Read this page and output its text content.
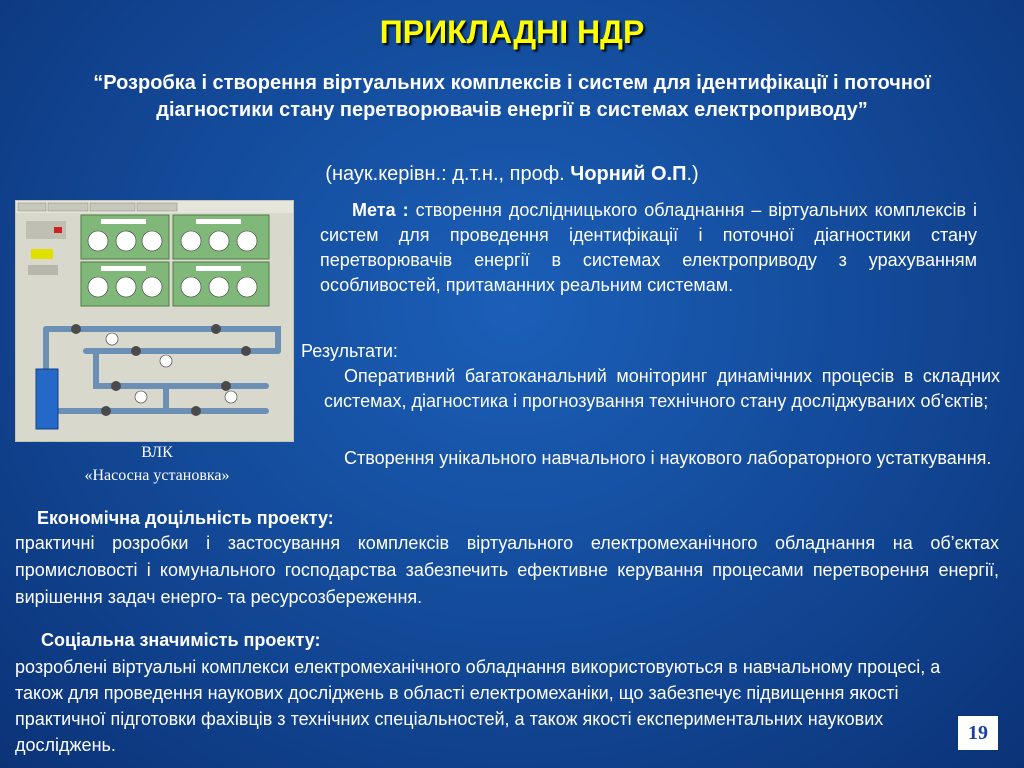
ПРИКЛАДНІ НДР
“Розробка і створення віртуальних комплексів і систем для ідентифікації і поточної діагностики стану перетворювачів енергії в системах електроприводу”
(наук.керівн.: д.т.н., проф. Чорний О.П.)
ВЛК
«Насосна установка»
Мета : створення дослідницького обладнання – віртуальних комплексів і систем для проведення ідентифікації і поточної діагностики стану перетворювачів енергії в системах електроприводу з урахуванням особливостей, притаманних реальним системам.
Результати:
Оперативний багатоканальний моніторинг динамічних процесів в складних системах, діагностика і прогнозування технічного стану досліджуваних об'єктів;
Створення унікального навчального і наукового лабораторного устаткування.
Економічна доцільність проекту:
практичні розробки і застосування комплексів віртуального електромеханічного обладнання на об’єктах промисловості і комунального господарства забезпечить ефективне керування процесами перетворення енергії, вирішення задач енерго- та ресурсозбереження.
Соціальна значимість проекту:
розроблені віртуальні комплекси електромеханічного обладнання використовуються в навчальному процесі, а також для проведення наукових досліджень в області електромеханіки, що забезпечує підвищення якості практичної підготовки фахівців з технічних спеціальностей, а також якості експериментальних наукових досліджень.
19
